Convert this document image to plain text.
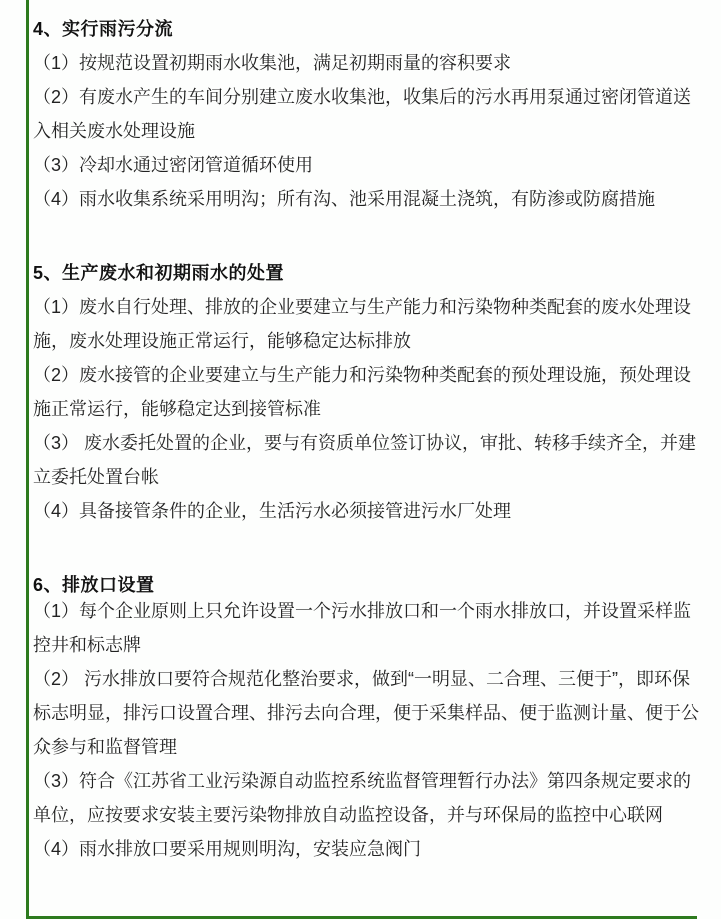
4、实行雨污分流

（1）按规范设置初期雨水收集池，满足初期雨量的容积要求

（2）有废水产生的车间分别建立废水收集池，收集后的污水再用泵通过密闭管道送入相关废水处理设施

（3）冷却水通过密闭管道循环使用

（4）雨水收集系统采用明沟；所有沟、池采用混凝土浇筑，有防渗或防腐措施

5、生产废水和初期雨水的处置

（1）废水自行处理、排放的企业要建立与生产能力和污染物种类配套的废水处理设施，废水处理设施正常运行，能够稳定达标排放

（2）废水接管的企业要建立与生产能力和污染物种类配套的预处理设施，预处理设施正常运行，能够稳定达到接管标准

（3） 废水委托处置的企业，要与有资质单位签订协议，审批、转移手续齐全，并建立委托处置台帐

（4）具备接管条件的企业，生活污水必须接管进污水厂处理

6、排放口设置

（1）每个企业原则上只允许设置一个污水排放口和一个雨水排放口，并设置采样监控井和标志牌

（2） 污水排放口要符合规范化整治要求，做到“一明显、二合理、三便于”，即环保标志明显，排污口设置合理、排污去向合理，便于采集样品、便于监测计量、便于公众参与和监督管理

（3）符合《江苏省工业污染源自动监控系统监督管理暂行办法》第四条规定要求的单位，应按要求安装主要污染物排放自动监控设备，并与环保局的监控中心联网

（4）雨水排放口要采用规则明沟，安装应急阀门
